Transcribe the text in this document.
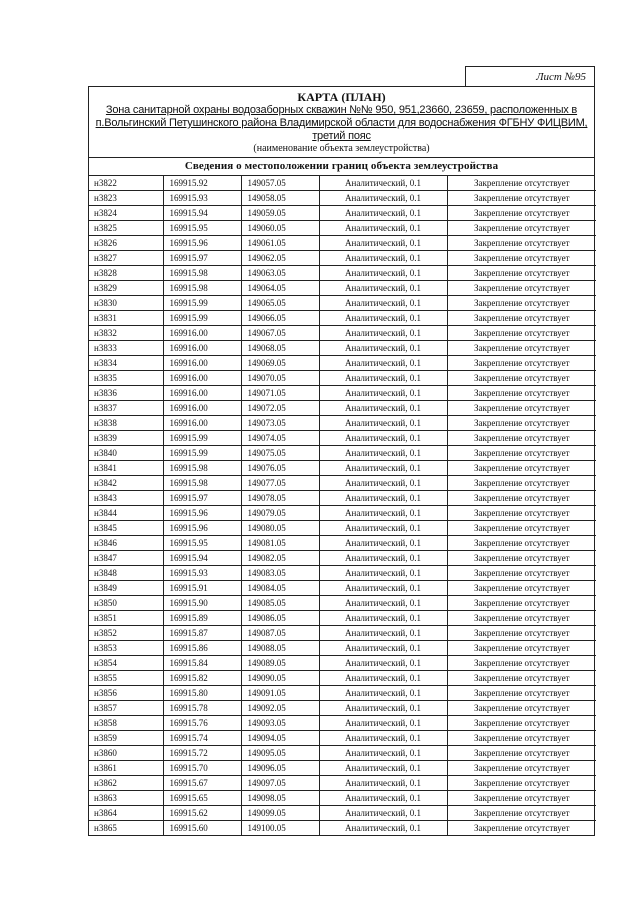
Лист №95
КАРТА (ПЛАН)
Зона санитарной охраны водозаборных скважин №№ 950, 951,23660, 23659, расположенных в
п.Вольгинский Петушинского района Владимирской области для водоснабжения ФГБНУ ФИЦВИМ,
третий пояс
(наименование объекта землеустройства)
Сведения о местоположении границ объекта землеустройства
н3822	169915.92	149057.05	Аналитический, 0.1	Закрепление отсутствует
н3823	169915.93	149058.05	Аналитический, 0.1	Закрепление отсутствует
н3824	169915.94	149059.05	Аналитический, 0.1	Закрепление отсутствует
н3825	169915.95	149060.05	Аналитический, 0.1	Закрепление отсутствует
н3826	169915.96	149061.05	Аналитический, 0.1	Закрепление отсутствует
н3827	169915.97	149062.05	Аналитический, 0.1	Закрепление отсутствует
н3828	169915.98	149063.05	Аналитический, 0.1	Закрепление отсутствует
н3829	169915.98	149064.05	Аналитический, 0.1	Закрепление отсутствует
н3830	169915.99	149065.05	Аналитический, 0.1	Закрепление отсутствует
н3831	169915.99	149066.05	Аналитический, 0.1	Закрепление отсутствует
н3832	169916.00	149067.05	Аналитический, 0.1	Закрепление отсутствует
н3833	169916.00	149068.05	Аналитический, 0.1	Закрепление отсутствует
н3834	169916.00	149069.05	Аналитический, 0.1	Закрепление отсутствует
н3835	169916.00	149070.05	Аналитический, 0.1	Закрепление отсутствует
н3836	169916.00	149071.05	Аналитический, 0.1	Закрепление отсутствует
н3837	169916.00	149072.05	Аналитический, 0.1	Закрепление отсутствует
н3838	169916.00	149073.05	Аналитический, 0.1	Закрепление отсутствует
н3839	169915.99	149074.05	Аналитический, 0.1	Закрепление отсутствует
н3840	169915.99	149075.05	Аналитический, 0.1	Закрепление отсутствует
н3841	169915.98	149076.05	Аналитический, 0.1	Закрепление отсутствует
н3842	169915.98	149077.05	Аналитический, 0.1	Закрепление отсутствует
н3843	169915.97	149078.05	Аналитический, 0.1	Закрепление отсутствует
н3844	169915.96	149079.05	Аналитический, 0.1	Закрепление отсутствует
н3845	169915.96	149080.05	Аналитический, 0.1	Закрепление отсутствует
н3846	169915.95	149081.05	Аналитический, 0.1	Закрепление отсутствует
н3847	169915.94	149082.05	Аналитический, 0.1	Закрепление отсутствует
н3848	169915.93	149083.05	Аналитический, 0.1	Закрепление отсутствует
н3849	169915.91	149084.05	Аналитический, 0.1	Закрепление отсутствует
н3850	169915.90	149085.05	Аналитический, 0.1	Закрепление отсутствует
н3851	169915.89	149086.05	Аналитический, 0.1	Закрепление отсутствует
н3852	169915.87	149087.05	Аналитический, 0.1	Закрепление отсутствует
н3853	169915.86	149088.05	Аналитический, 0.1	Закрепление отсутствует
н3854	169915.84	149089.05	Аналитический, 0.1	Закрепление отсутствует
н3855	169915.82	149090.05	Аналитический, 0.1	Закрепление отсутствует
н3856	169915.80	149091.05	Аналитический, 0.1	Закрепление отсутствует
н3857	169915.78	149092.05	Аналитический, 0.1	Закрепление отсутствует
н3858	169915.76	149093.05	Аналитический, 0.1	Закрепление отсутствует
н3859	169915.74	149094.05	Аналитический, 0.1	Закрепление отсутствует
н3860	169915.72	149095.05	Аналитический, 0.1	Закрепление отсутствует
н3861	169915.70	149096.05	Аналитический, 0.1	Закрепление отсутствует
н3862	169915.67	149097.05	Аналитический, 0.1	Закрепление отсутствует
н3863	169915.65	149098.05	Аналитический, 0.1	Закрепление отсутствует
н3864	169915.62	149099.05	Аналитический, 0.1	Закрепление отсутствует
н3865	169915.60	149100.05	Аналитический, 0.1	Закрепление отсутствует
